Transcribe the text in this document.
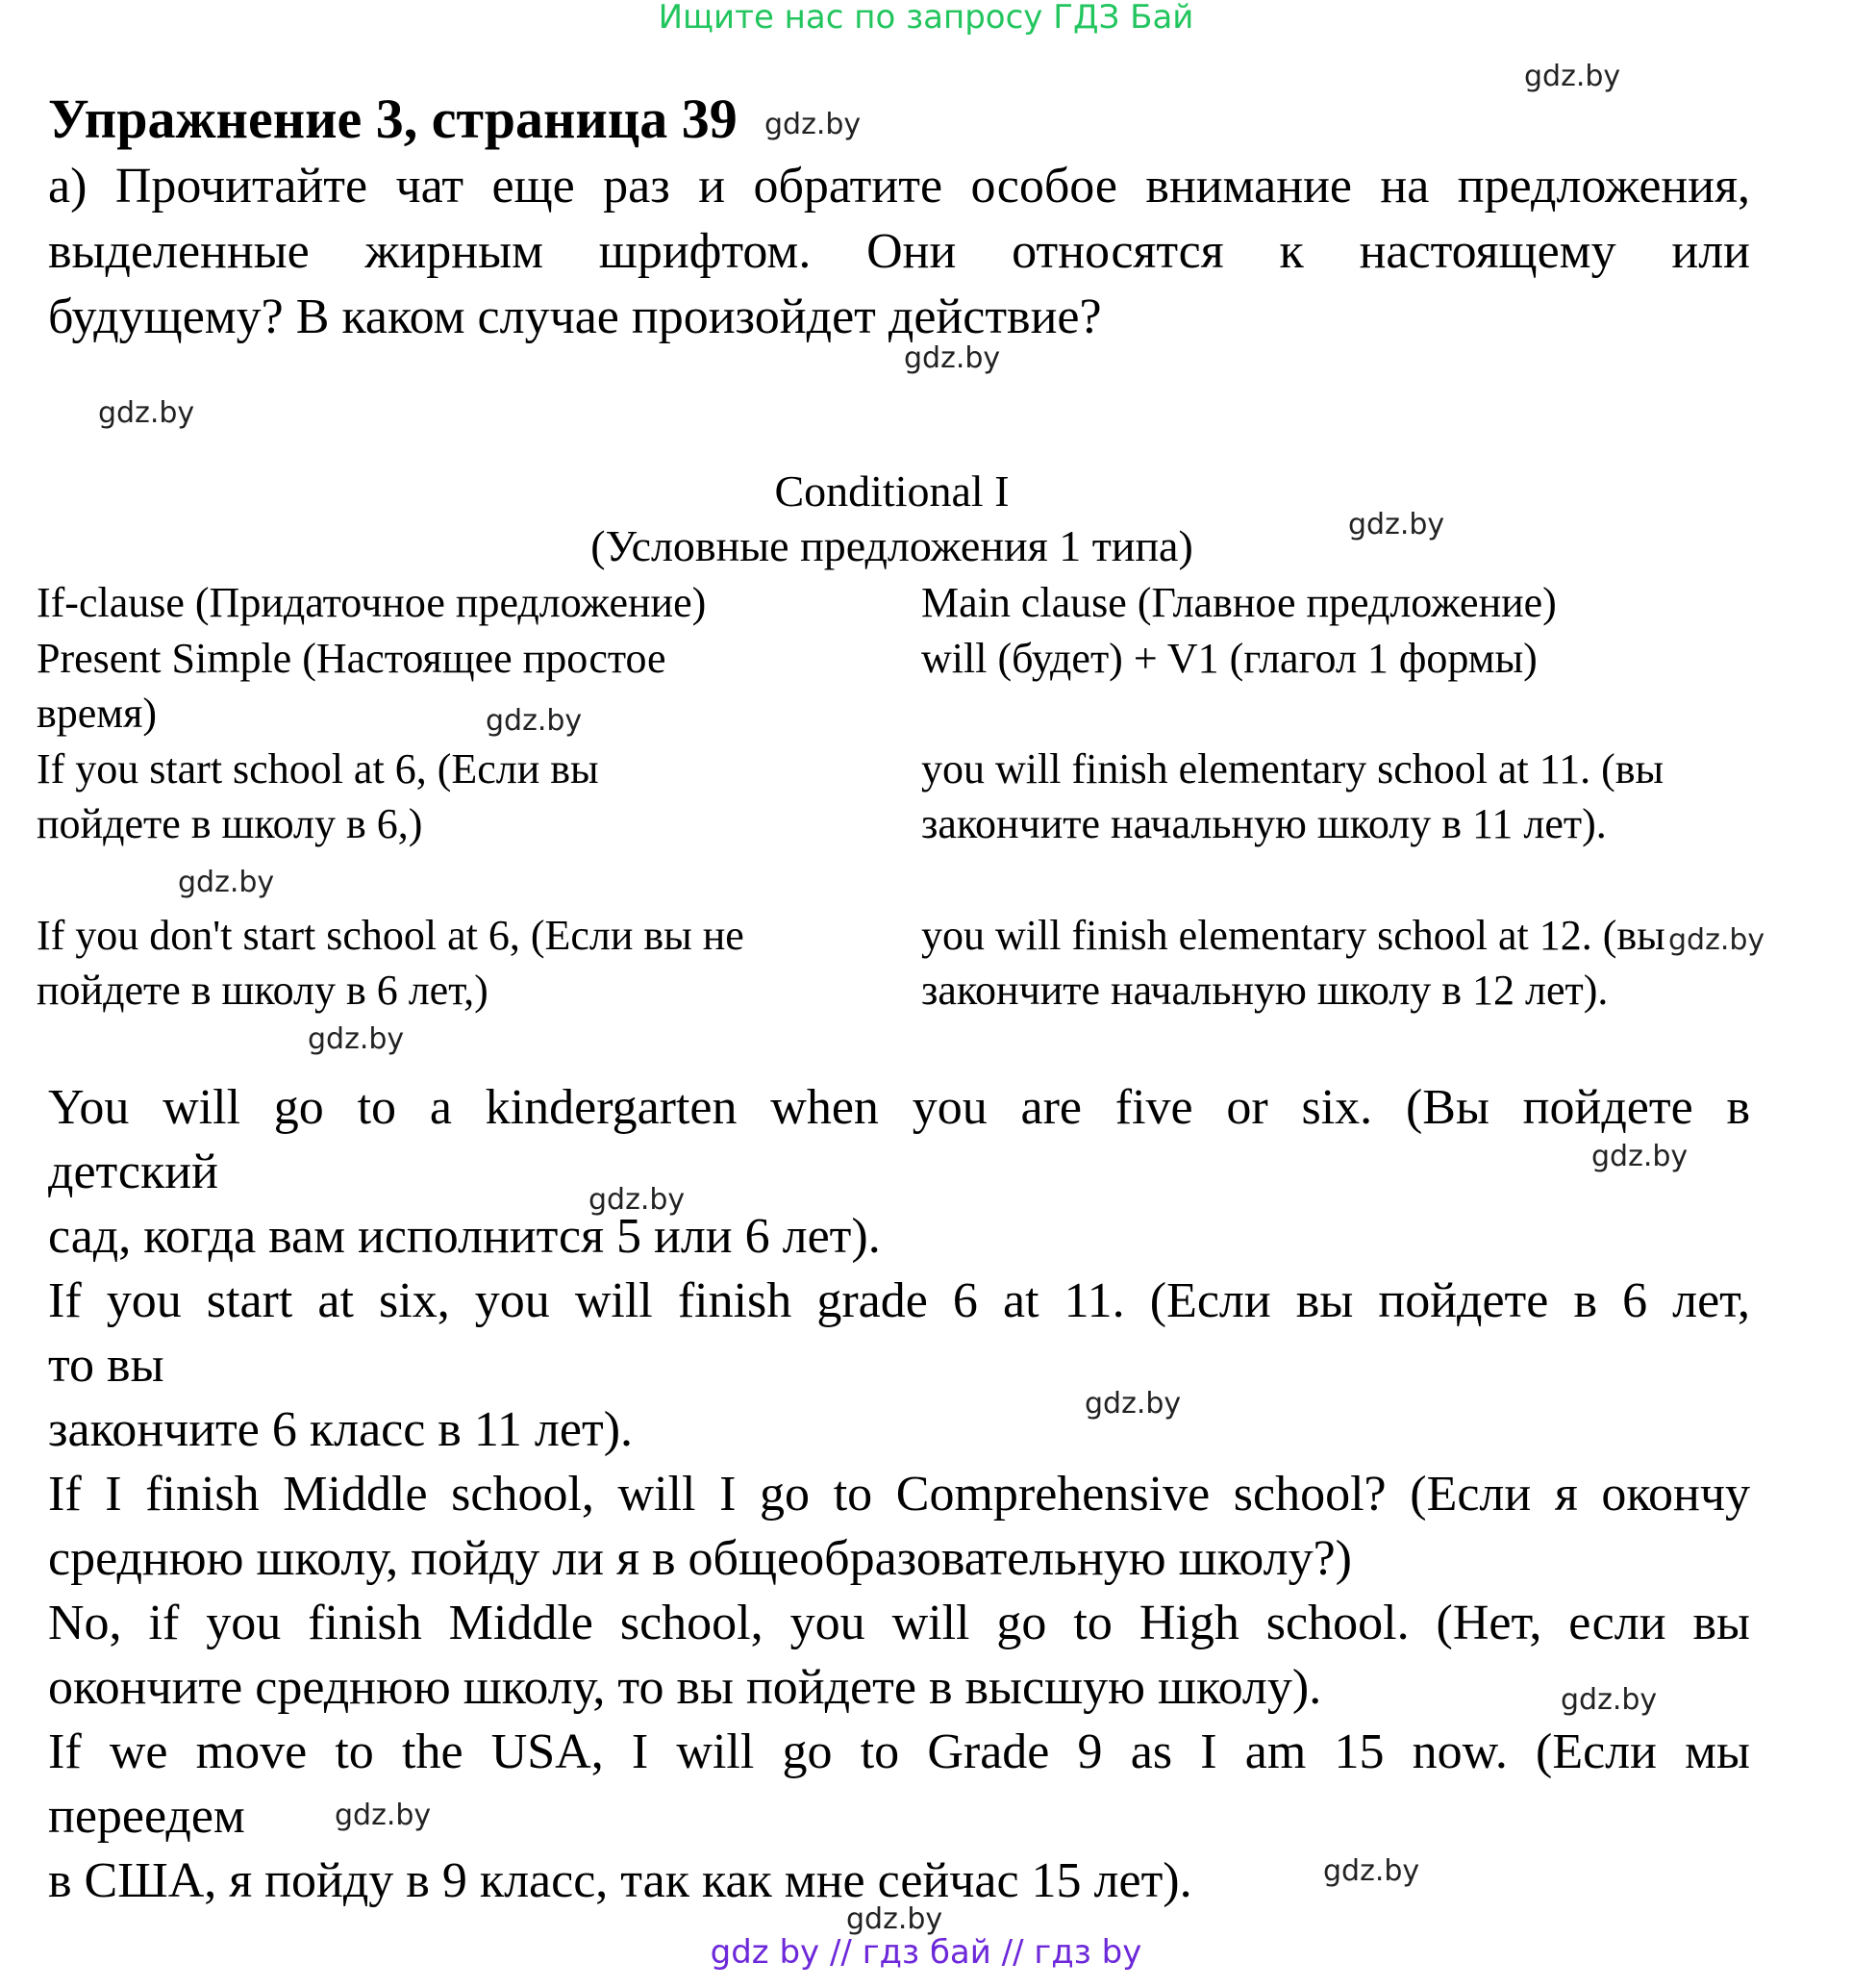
Ищите нас по запросу ГДЗ Бай
Упражнение 3, страница 39

а) Прочитайте чат еще раз и обратите особое внимание на предложения,

выделенные жирным шрифтом. Они относятся к настоящему или

будущему? В каком случае произойдет действие?

Conditional I
(Условные предложения 1 типа)
If-clause (Придаточное предложение)	Main clause (Главное предложение)
Present Simple (Настоящее простое время)
will (будет) + V1 (глагол 1 формы)
If you start school at 6, (Если вы пойдете в школу в 6,)
you will finish elementary school at 11. (вы закончите начальную школу в 11 лет).
If you don't start school at 6, (Если вы не пойдете в школу в 6 лет,)
you will finish elementary school at 12. (вы закончите начальную школу в 12 лет).

You will go to a kindergarten when you are five or six. (Вы пойдете в

детский

сад, когда вам исполнится 5 или 6 лет).

If you start at six, you will finish grade 6 at 11. (Если вы пойдете в 6 лет,

то вы

закончите 6 класс в 11 лет).

If I finish Middle school, will I go to Comprehensive school? (Если я окончу

среднюю школу, пойду ли я в общеобразовательную школу?)

No, if you finish Middle school, you will go to High school. (Нет, если вы

окончите среднюю школу, то вы пойдете в высшую школу).

If we move to the USA, I will go to Grade 9 as I am 15 now. (Если мы

переедем

в США, я пойду в 9 класс, так как мне сейчас 15 лет).

gdz.by
gdz.by
gdz.by
gdz.by
gdz.by
gdz.by
gdz.by
gdz.by
gdz.by
gdz.by
gdz.by
gdz.by
gdz.by
gdz.by
gdz.by
gdz.by
gdz by // гдз бай // гдз by
